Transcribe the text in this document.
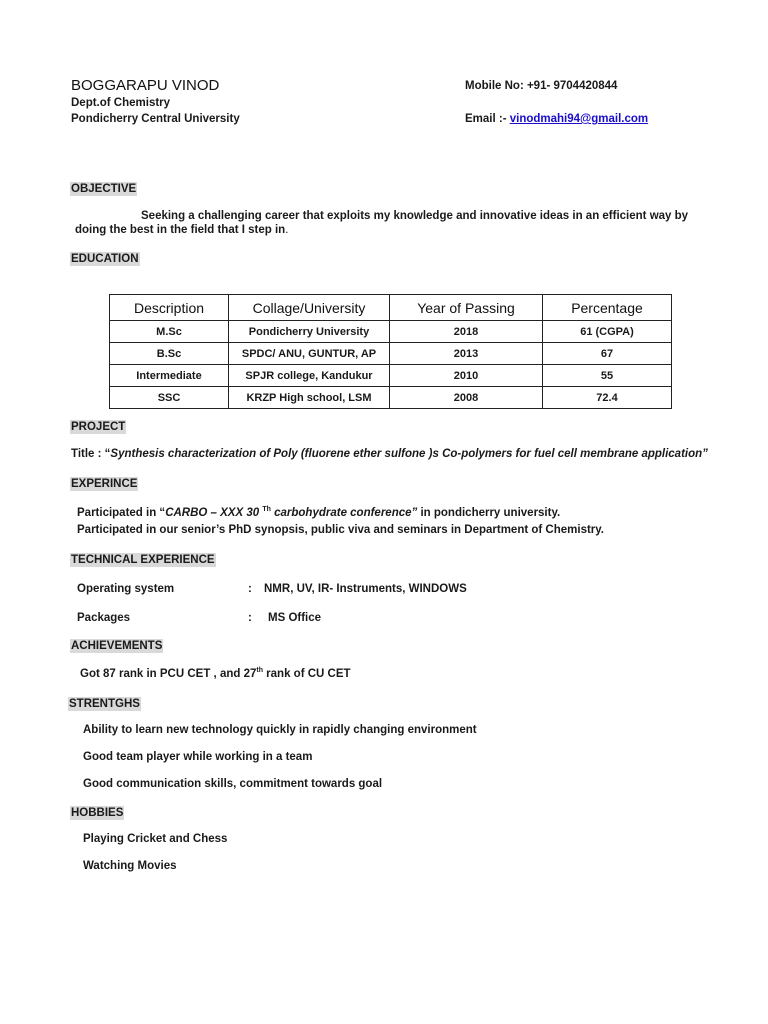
BOGGARAPU VINOD
Dept.of Chemistry
Pondicherry Central University
Mobile No: +91- 9704420844
Email :- vinodmahi94@gmail.com
OBJECTIVE
Seeking a challenging career that exploits my knowledge and innovative ideas in an efficient way by
doing the best in the field that I step in.
EDUCATION
Description	Collage/University	Year of Passing	Percentage
M.Sc	Pondicherry University	2018	61 (CGPA)
B.Sc	SPDC/ ANU, GUNTUR, AP	2013	67
Intermediate	SPJR college, Kandukur	2010	55
SSC	KRZP High school, LSM	2008	72.4
PROJECT
Title : “Synthesis characterization of Poly (fluorene ether sulfone )s Co-polymers for fuel cell membrane application”
EXPERINCE
Participated in “CARBO – XXX 30 $^{Th}$ carbohydrate conference” in pondicherry university.
Participated in our senior’s PhD synopsis, public viva and seminars in Department of Chemistry.
TECHNICAL EXPERIENCE
Operating system	: NMR, UV, IR- Instruments, WINDOWS
Packages	: MS Office
ACHIEVEMENTS
Got 87 rank in PCU CET , and 27th rank of CU CET
STRENTGHS
Ability to learn new technology quickly in rapidly changing environment
Good team player while working in a team
Good communication skills, commitment towards goal
HOBBIES
Playing Cricket and Chess
Watching Movies
